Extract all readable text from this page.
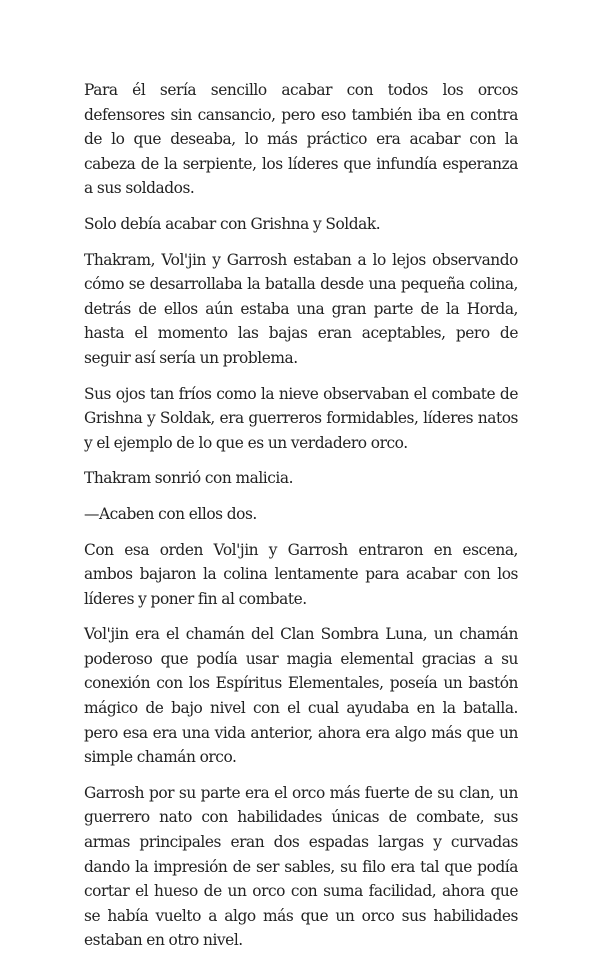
Para él sería sencillo acabar con todos los orcos defensores sin cansancio, pero eso también iba en contra de lo que deseaba, lo más práctico era acabar con la cabeza de la serpiente, los líderes que infundía esperanza a sus soldados.

Solo debía acabar con Grishna y Soldak.

Thakram, Vol'jin y Garrosh estaban a lo lejos observando cómo se desarrollaba la batalla desde una pequeña colina, detrás de ellos aún estaba una gran parte de la Horda, hasta el momento las bajas eran aceptables, pero de seguir así sería un problema.

Sus ojos tan fríos como la nieve observaban el combate de Grishna y Soldak, era guerreros formidables, líderes natos y el ejemplo de lo que es un verdadero orco.

Thakram sonrió con malicia.

—Acaben con ellos dos.

Con esa orden Vol'jin y Garrosh entraron en escena, ambos bajaron la colina lentamente para acabar con los líderes y poner fin al combate.

Vol'jin era el chamán del Clan Sombra Luna, un chamán poderoso que podía usar magia elemental gracias a su conexión con los Espíritus Elementales, poseía un bastón mágico de bajo nivel con el cual ayudaba en la batalla. pero esa era una vida anterior, ahora era algo más que un simple chamán orco.

Garrosh por su parte era el orco más fuerte de su clan, un guerrero nato con habilidades únicas de combate, sus armas principales eran dos espadas largas y curvadas dando la impresión de ser sables, su filo era tal que podía cortar el hueso de un orco con suma facilidad, ahora que se había vuelto a algo más que un orco sus habilidades estaban en otro nivel.
